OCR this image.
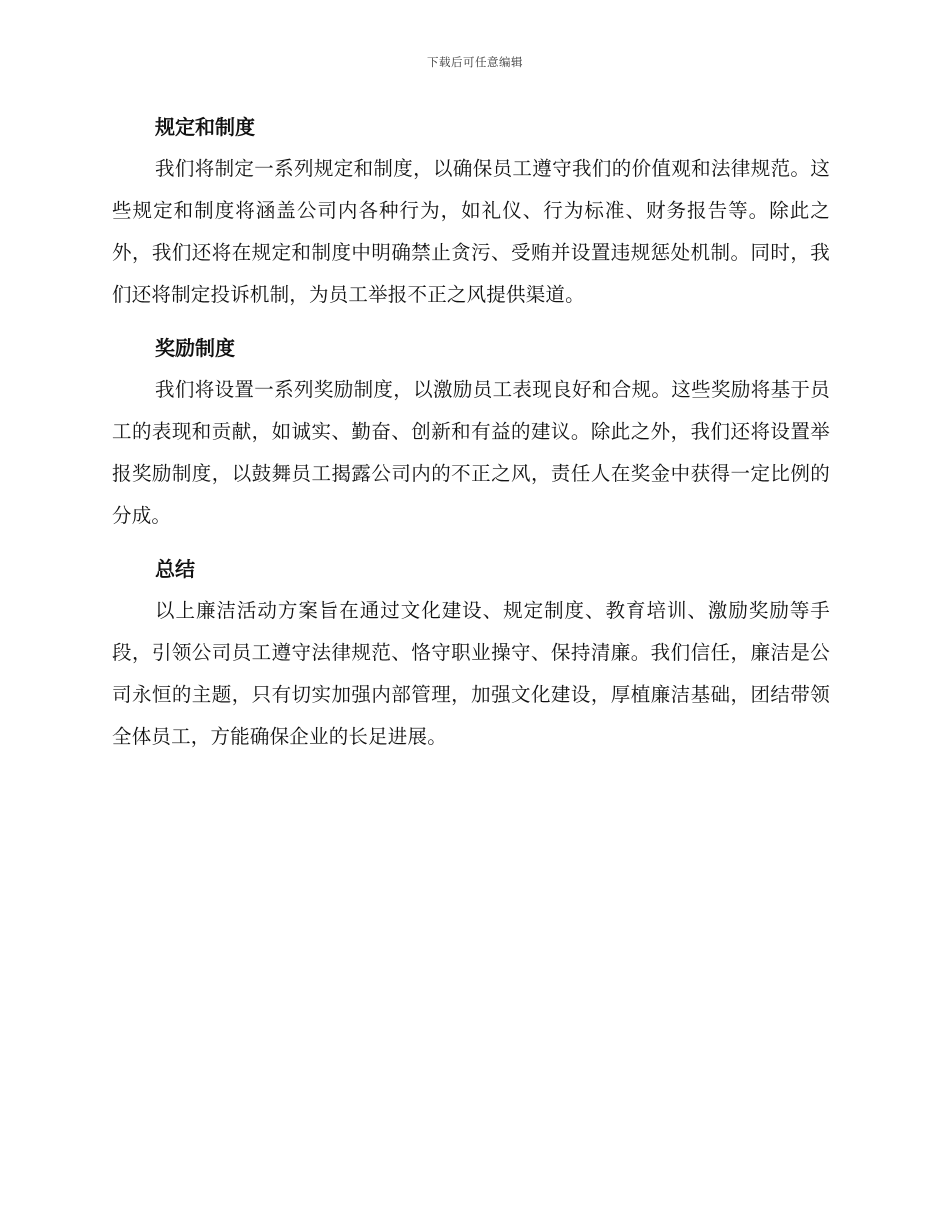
下载后可任意编辑
规定和制度

我们将制定一系列规定和制度，以确保员工遵守我们的价值观和法律规范。这些规定和制度将涵盖公司内各种行为，如礼仪、行为标准、财务报告等。除此之外，我们还将在规定和制度中明确禁止贪污、受贿并设置违规惩处机制。同时，我们还将制定投诉机制，为员工举报不正之风提供渠道。

奖励制度

我们将设置一系列奖励制度，以激励员工表现良好和合规。这些奖励将基于员工的表现和贡献，如诚实、勤奋、创新和有益的建议。除此之外，我们还将设置举报奖励制度，以鼓舞员工揭露公司内的不正之风，责任人在奖金中获得一定比例的分成。

总结

以上廉洁活动方案旨在通过文化建设、规定制度、教育培训、激励奖励等手段，引领公司员工遵守法律规范、恪守职业操守、保持清廉。我们信任，廉洁是公司永恒的主题，只有切实加强内部管理，加强文化建设，厚植廉洁基础，团结带领全体员工，方能确保企业的长足进展。
